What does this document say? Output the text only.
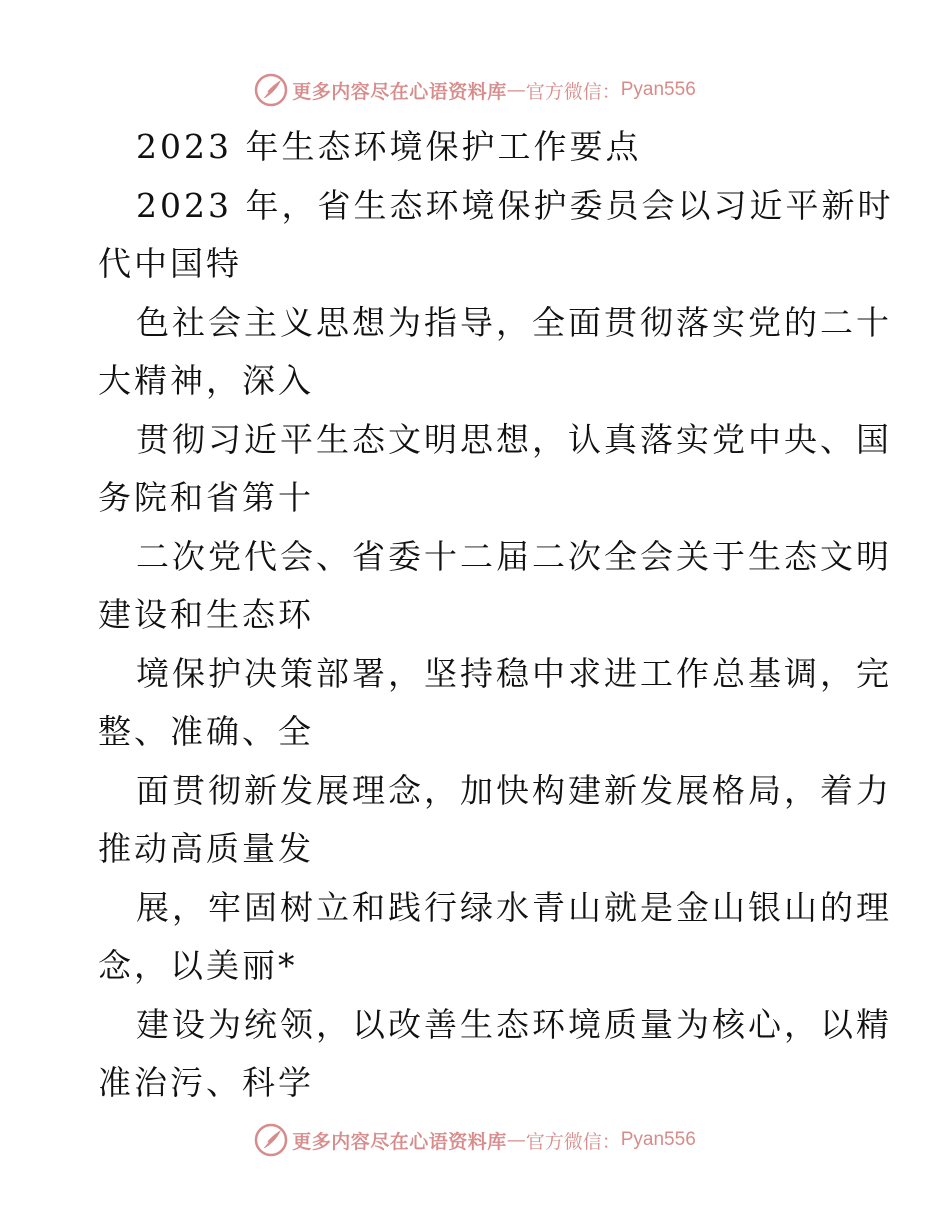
更多内容尽在心语资料库 — 官方微信： Pyan556
2023 年生态环境保护工作要点
2023 年，省生态环境保护委员会以习近平新时
代中国特
色社会主义思想为指导，全面贯彻落实党的二十
大精神，深入
贯彻习近平生态文明思想，认真落实党中央、国
务院和省第十
二次党代会、省委十二届二次全会关于生态文明
建设和生态环
境保护决策部署，坚持稳中求进工作总基调，完
整、准确、全
面贯彻新发展理念，加快构建新发展格局，着力
推动高质量发
展，牢固树立和践行绿水青山就是金山银山的理
念，以美丽*
建设为统领，以改善生态环境质量为核心，以精
准治污、科学
更多内容尽在心语资料库 — 官方微信： Pyan556
